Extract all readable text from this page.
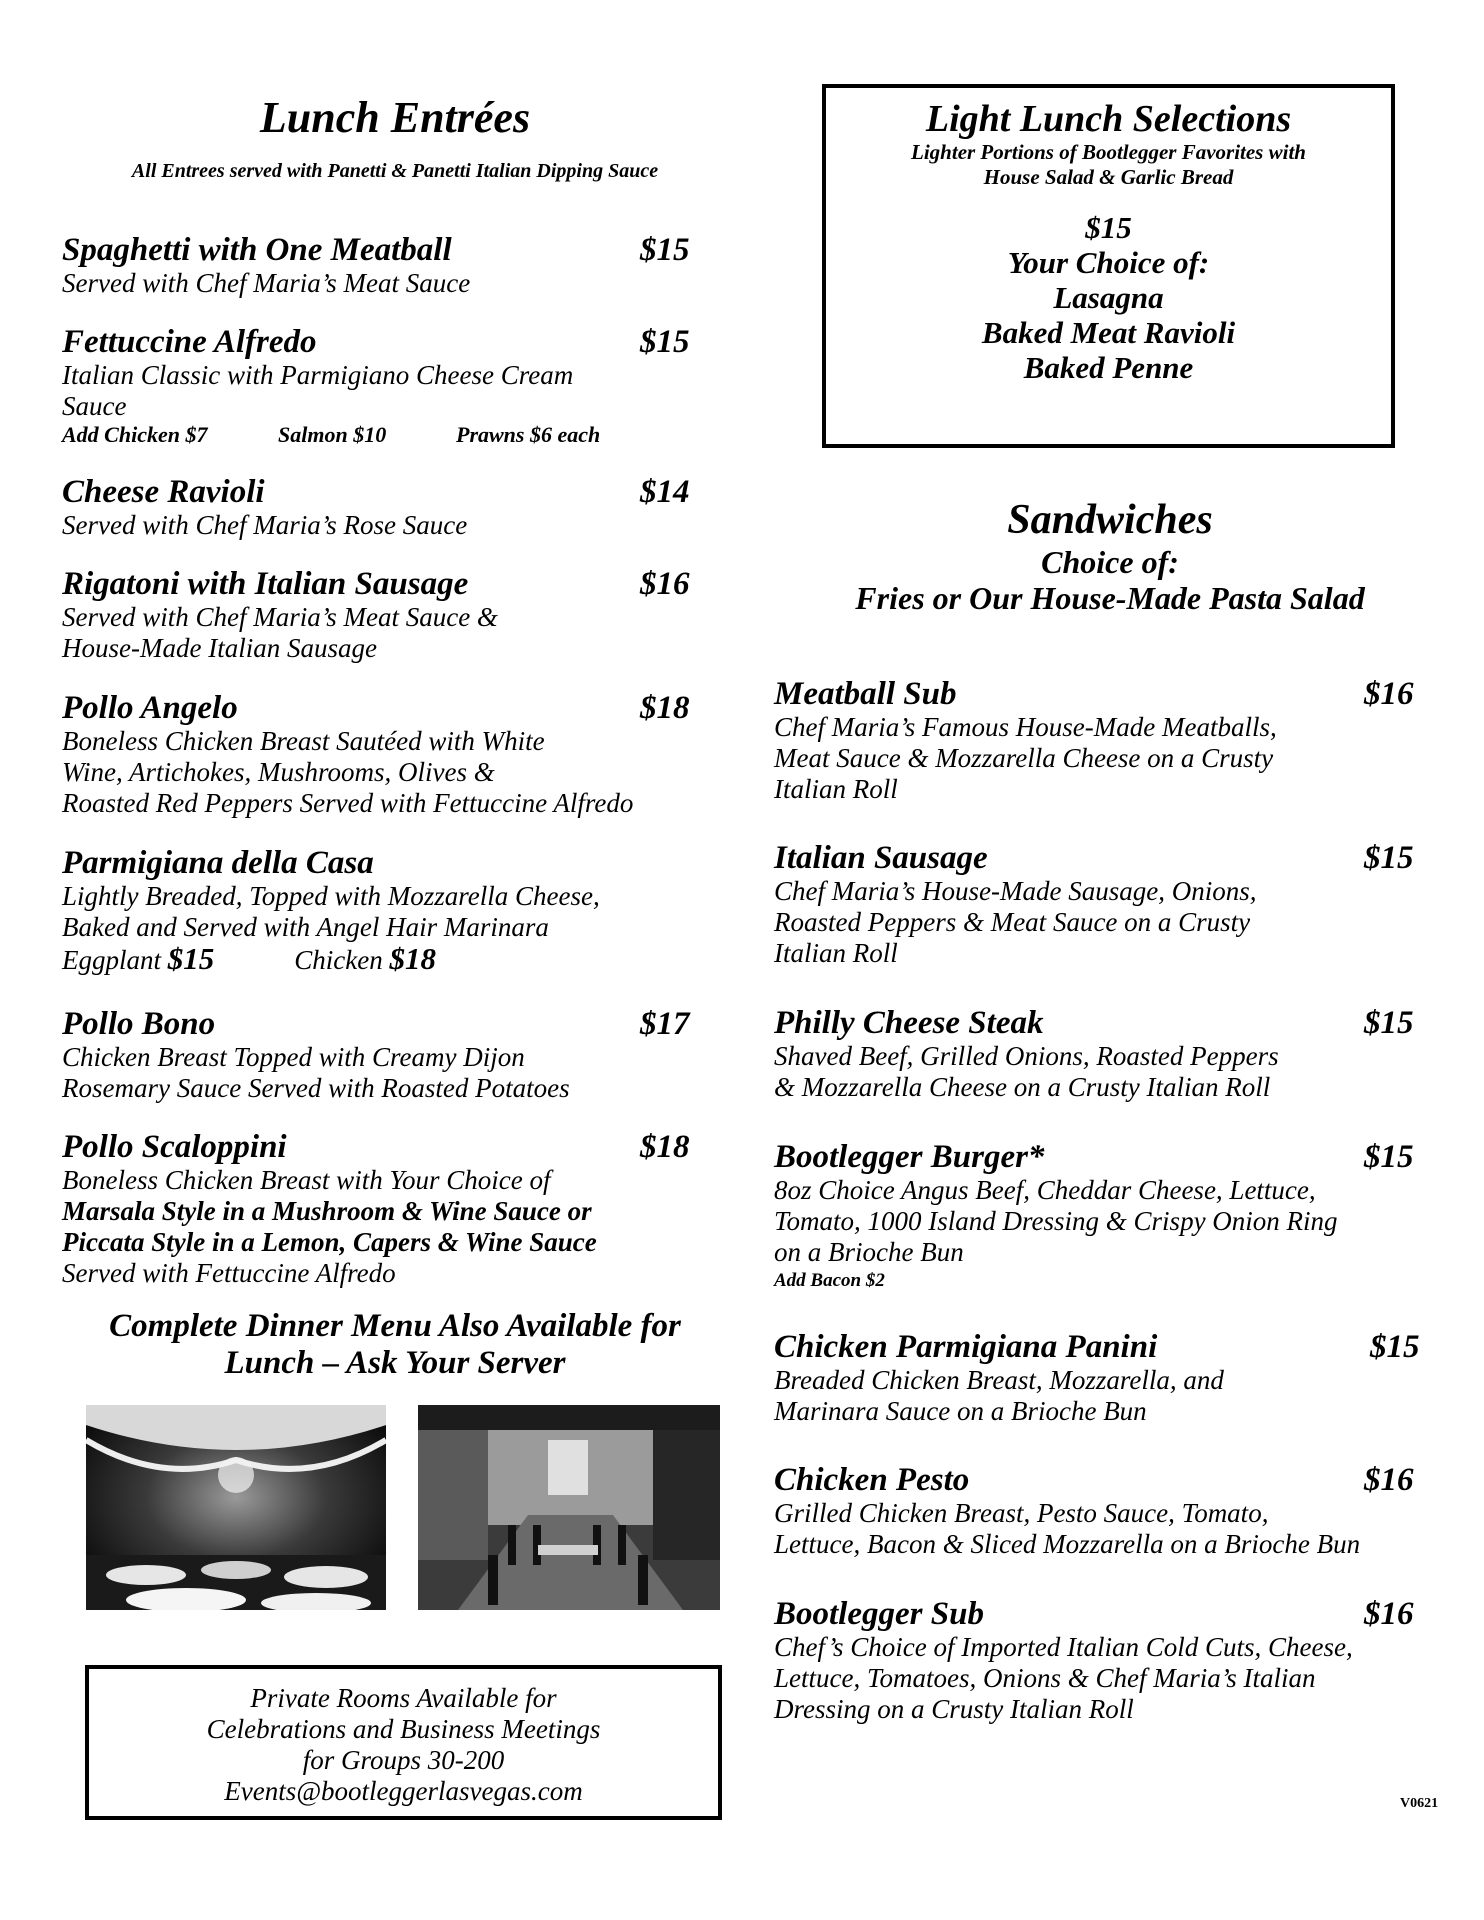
Lunch Entrées
All Entrees served with Panetti & Panetti Italian Dipping Sauce
Spaghetti with One Meatball	$15
Served with Chef Maria’s Meat Sauce
Fettuccine Alfredo	$15
Italian Classic with Parmigiano Cheese Cream
Sauce
Add Chicken $7	Salmon $10	Prawns $6 each
Cheese Ravioli	$14
Served with Chef Maria’s Rose Sauce
Rigatoni with Italian Sausage	$16
Served with Chef Maria’s Meat Sauce &
House-Made Italian Sausage
Pollo Angelo	$18
Boneless Chicken Breast Sautéed with White
Wine, Artichokes, Mushrooms, Olives &
Roasted Red Peppers Served with Fettuccine Alfredo
Parmigiana della Casa
Lightly Breaded, Topped with Mozzarella Cheese,
Baked and Served with Angel Hair Marinara
Eggplant $15	Chicken $18
Pollo Bono	$17
Chicken Breast Topped with Creamy Dijon
Rosemary Sauce Served with Roasted Potatoes
Pollo Scaloppini	$18
Boneless Chicken Breast with Your Choice of
Marsala Style in a Mushroom & Wine Sauce or
Piccata Style in a Lemon, Capers & Wine Sauce
Served with Fettuccine Alfredo
Complete Dinner Menu Also Available for
Lunch – Ask Your Server
Private Rooms Available for
Celebrations and Business Meetings
for Groups 30-200
Events@bootleggerlasvegas.com
Light Lunch Selections
Lighter Portions of Bootlegger Favorites with
House Salad & Garlic Bread
$15
Your Choice of:
Lasagna
Baked Meat Ravioli
Baked Penne
Sandwiches
Choice of:
Fries or Our House-Made Pasta Salad
Meatball Sub	$16
Chef Maria’s Famous House-Made Meatballs,
Meat Sauce & Mozzarella Cheese on a Crusty
Italian Roll
Italian Sausage	$15
Chef Maria’s House-Made Sausage, Onions,
Roasted Peppers & Meat Sauce on a Crusty
Italian Roll
Philly Cheese Steak	$15
Shaved Beef, Grilled Onions, Roasted Peppers
& Mozzarella Cheese on a Crusty Italian Roll
Bootlegger Burger*	$15
8oz Choice Angus Beef, Cheddar Cheese, Lettuce,
Tomato, 1000 Island Dressing & Crispy Onion Ring
on a Brioche Bun
Add Bacon $2
Chicken Parmigiana Panini	$15
Breaded Chicken Breast, Mozzarella, and
Marinara Sauce on a Brioche Bun
Chicken Pesto	$16
Grilled Chicken Breast, Pesto Sauce, Tomato,
Lettuce, Bacon & Sliced Mozzarella on a Brioche Bun
Bootlegger Sub	$16
Chef’s Choice of Imported Italian Cold Cuts, Cheese,
Lettuce, Tomatoes, Onions & Chef Maria’s Italian
Dressing on a Crusty Italian Roll
V0621
